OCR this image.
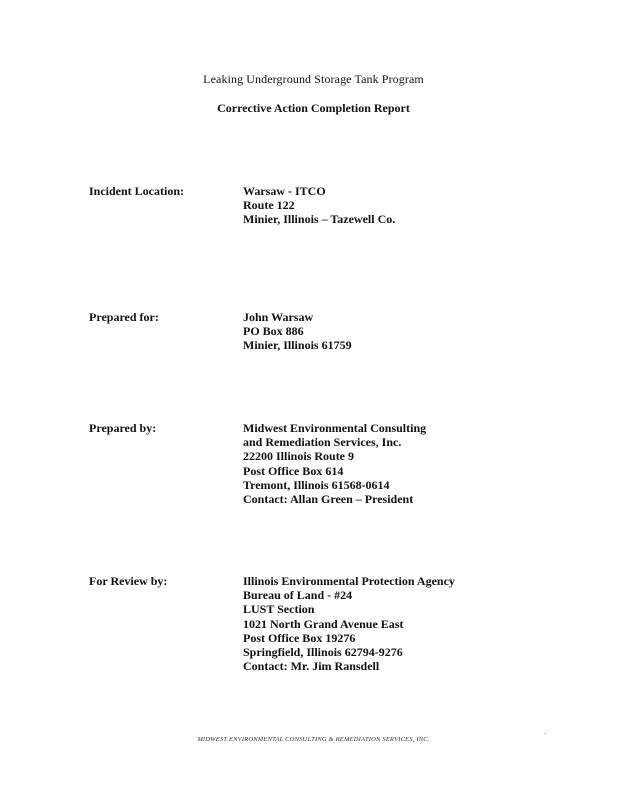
Leaking Underground Storage Tank Program
Corrective Action Completion Report
Incident Location:	Warsaw - ITCO
Route 122
Minier, Illinois – Tazewell Co.
Prepared for:	John Warsaw
PO Box 886
Minier, Illinois 61759
Prepared by:	Midwest Environmental Consulting
and Remediation Services, Inc.
22200 Illinois Route 9
Post Office Box 614
Tremont, Illinois 61568-0614
Contact: Allan Green – President
For Review by:	Illinois Environmental Protection Agency
Bureau of Land - #24
LUST Section
1021 North Grand Avenue East
Post Office Box 19276
Springfield, Illinois 62794-9276
Contact: Mr. Jim Ransdell
MIDWEST ENVIRONMENTAL CONSULTING & REMEDIATION SERVICES, INC.
